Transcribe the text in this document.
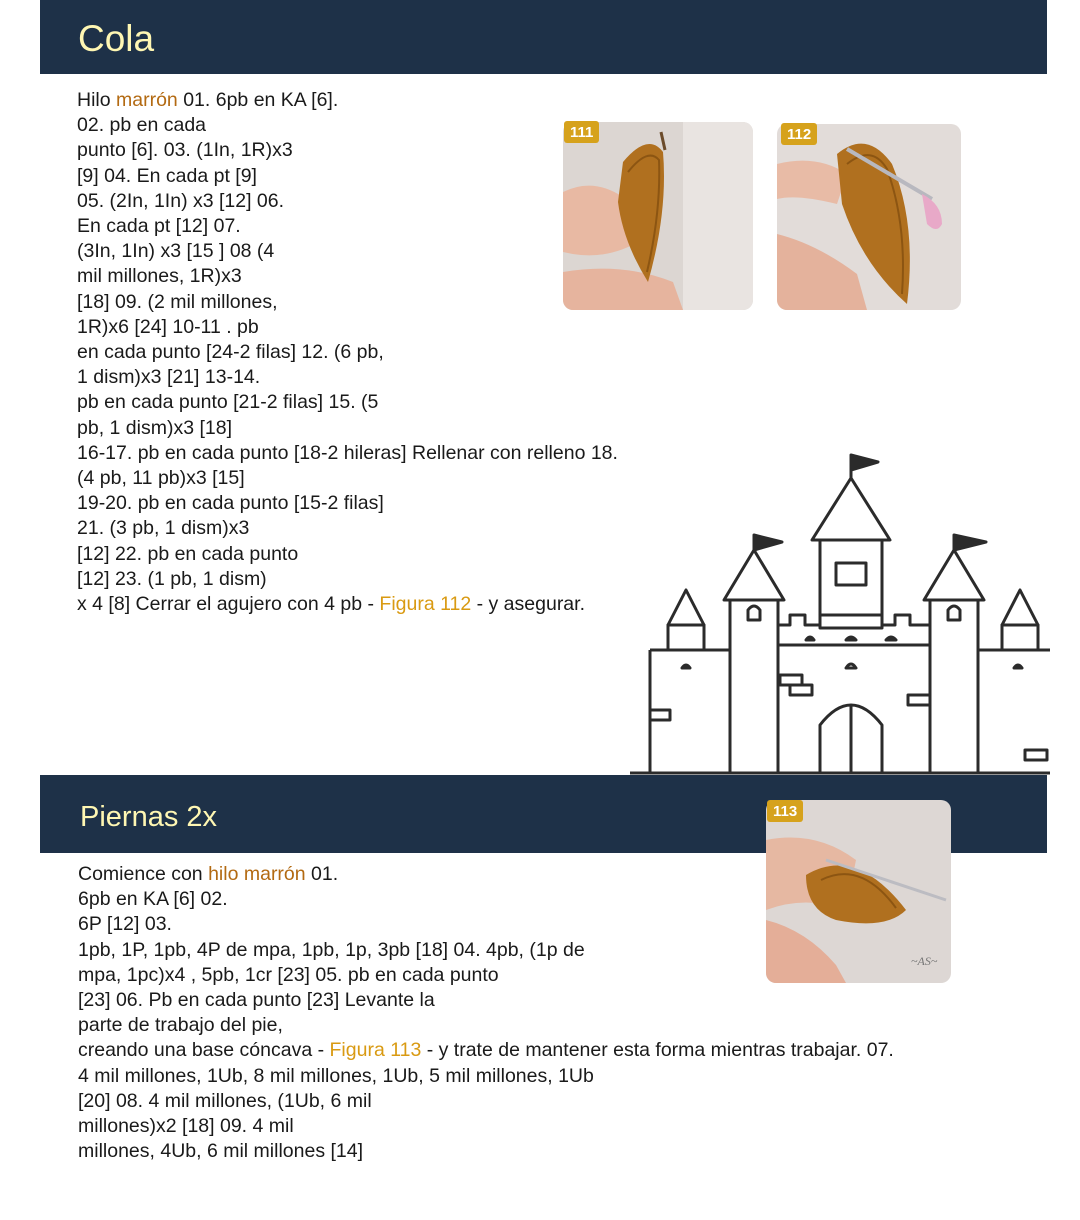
Cola
Hilo marrón 01. 6pb en KA [6].
02. pb en cada
punto [6]. 03. (1In, 1R)x3
[9] 04. En cada pt [9]
05. (2In, 1In) x3 [12] 06.
En cada pt [12] 07.
(3In, 1In) x3 [15 ] 08 (4
mil millones, 1R)x3
[18] 09. (2 mil millones,
1R)x6 [24] 10-11 . pb
en cada punto [24-2 filas] 12. (6 pb,
1 dism)x3 [21] 13-14.
pb en cada punto [21-2 filas] 15. (5
pb, 1 dism)x3 [18]
16-17. pb en cada punto [18-2 hileras] Rellenar con relleno 18.
(4 pb, 11 pb)x3 [15]
19-20. pb en cada punto [15-2 filas]
21. (3 pb, 1 dism)x3
[12] 22. pb en cada punto
[12] 23. (1 pb, 1 dism)
x 4 [8] Cerrar el agujero con 4 pb - Figura 112 - y asegurar.
111	112
Piernas 2x
~AS~
113
Comience con hilo marrón 01.
6pb en KA [6] 02.
6P [12] 03.
1pb, 1P, 1pb, 4P de mpa, 1pb, 1p, 3pb [18] 04. 4pb, (1p de
mpa, 1pc)x4 , 5pb, 1cr [23] 05. pb en cada punto
[23] 06. Pb en cada punto [23] Levante la
parte de trabajo del pie,
creando una base cóncava - Figura 113 - y trate de mantener esta forma mientras trabajar. 07.
4 mil millones, 1Ub, 8 mil millones, 1Ub, 5 mil millones, 1Ub
[20] 08. 4 mil millones, (1Ub, 6 mil
millones)x2 [18] 09. 4 mil
millones, 4Ub, 6 mil millones [14]
